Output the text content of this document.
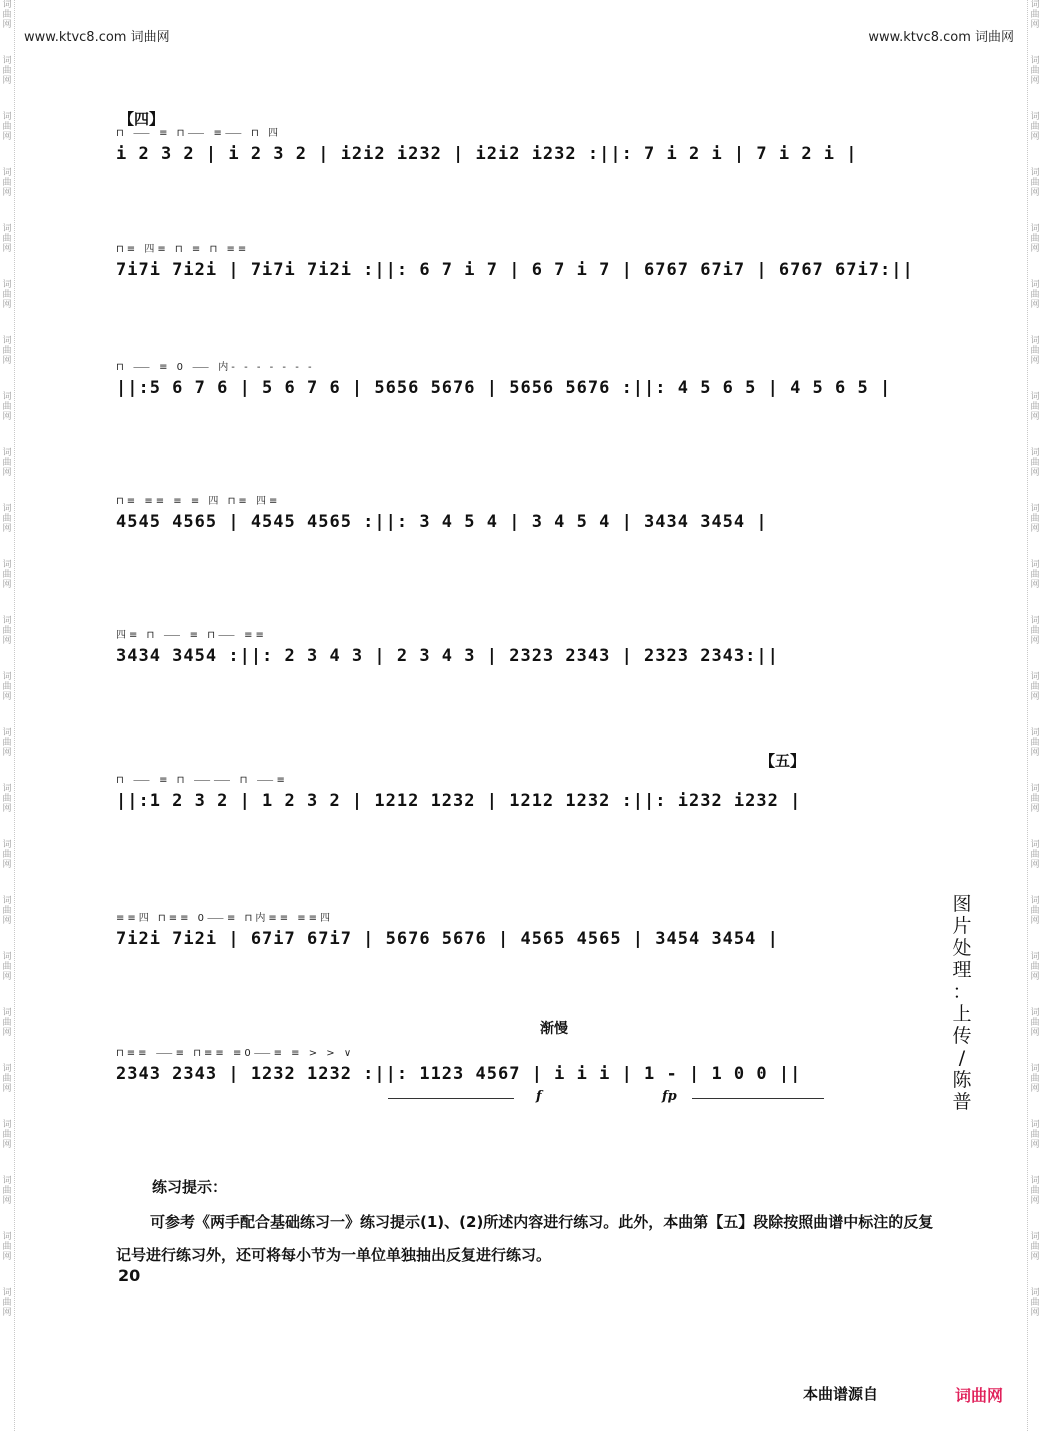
词
曲
网
词
曲
网
词
曲
网
词
曲
网
词
曲
网
词
曲
网
词
曲
网
词
曲
网
词
曲
网
词
曲
网
词
曲
网
词
曲
网
词
曲
网
词
曲
网
词
曲
网
词
曲
网
词
曲
网
词
曲
网
词
曲
网
词
曲
网
词
曲
网
词
曲
网
词
曲
网
词
曲
网
词
曲
网
词
曲
网
词
曲
网
词
曲
网
词
曲
网
词
曲
网
词
曲
网
词
曲
网
词
曲
网
词
曲
网
词
曲
网
词
曲
网
词
曲
网
词
曲
网
词
曲
网
词
曲
网
词
曲
网
词
曲
网
词
曲
网
词
曲
网
词
曲
网
词
曲
网
词
曲
网
词
曲
网
www.ktvc8.com 词曲网	www.ktvc8.com 词曲网
【四】
⊓ ⸺ ≡ ⊓⸺ ≡⸺ ⊓ 四
i 2 3 2 | i 2 3 2 | i2i2 i232 | i2i2 i232 :||: 7 i 2 i | 7 i 2 i |
⊓≡ 四≡ ⊓ ≡ ⊓ ≡≡
7i7i 7i2i | 7i7i 7i2i :||: 6 7 i 7 | 6 7 i 7 | 6767 67i7 | 6767 67i7:||
⊓ ⸺ ≡ 0 ⸺ 内- - - - - - -
||:5 6 7 6 | 5 6 7 6 | 5656 5676 | 5656 5676 :||: 4 5 6 5 | 4 5 6 5 |
⊓≡ ≡≡ ≡ ≡ 四 ⊓≡ 四≡
4545 4565 | 4545 4565 :||: 3 4 5 4 | 3 4 5 4 | 3434 3454 |
四≡ ⊓ ⸺ ≡ ⊓⸺ ≡≡
3434 3454 :||: 2 3 4 3 | 2 3 4 3 | 2323 2343 | 2323 2343:||
【五】
⊓ ⸺ ≡ ⊓ ⸺⸺ ⊓ ⸺≡
||:1 2 3 2 | 1 2 3 2 | 1212 1232 | 1212 1232 :||: i232 i232 |
≡≡四 ⊓≡≡ 0⸺≡ ⊓内≡≡ ≡≡四
7i2i 7i2i | 67i7 67i7 | 5676 5676 | 4565 4565 | 3454 3454 |
渐慢
⊓≡≡ ⸺≡ ⊓≡≡ ≡0⸺≡ ≡ > > ∨
2343 2343 | 1232 1232 :||: 1123 4567 | i i i | 1 - | 1 0 0 ||
f	fp
图
片
处
理
：
上
传
/
陈
普
练习提示：
可参考《两手配合基础练习一》练习提示(1)、(2)所述内容进行练习。此外，本曲第【五】段除按照曲谱中标注的反复记号进行练习外，还可将每小节为一单位单独抽出反复进行练习。
20
本曲谱源自	词曲网
